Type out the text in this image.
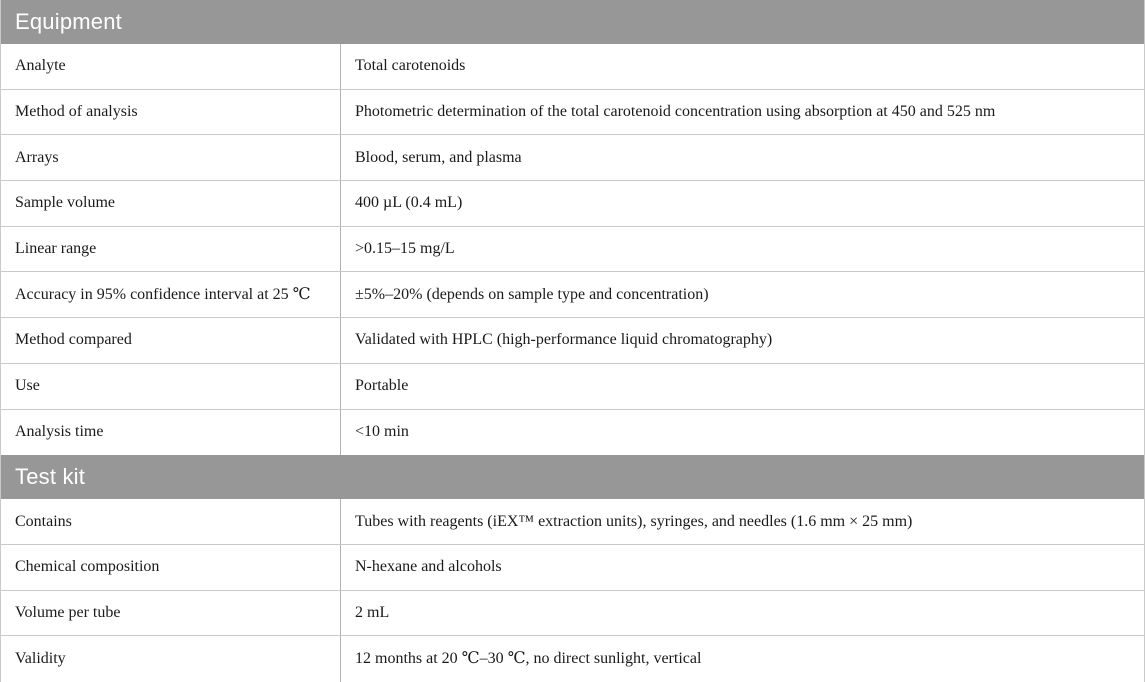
Equipment
Analyte	Total carotenoids
Method of analysis	Photometric determination of the total carotenoid concentration using absorption at 450 and 525 nm
Arrays	Blood, serum, and plasma
Sample volume	400 µL (0.4 mL)
Linear range	>0.15–15 mg/L
Accuracy in 95% confidence interval at 25 ℃	±5%–20% (depends on sample type and concentration)
Method compared	Validated with HPLC (high-performance liquid chromatography)
Use	Portable
Analysis time	<10 min
Test kit
Contains	Tubes with reagents (iEX™ extraction units), syringes, and needles (1.6 mm × 25 mm)
Chemical composition	N-hexane and alcohols
Volume per tube	2 mL
Validity	12 months at 20 ℃–30 ℃, no direct sunlight, vertical
